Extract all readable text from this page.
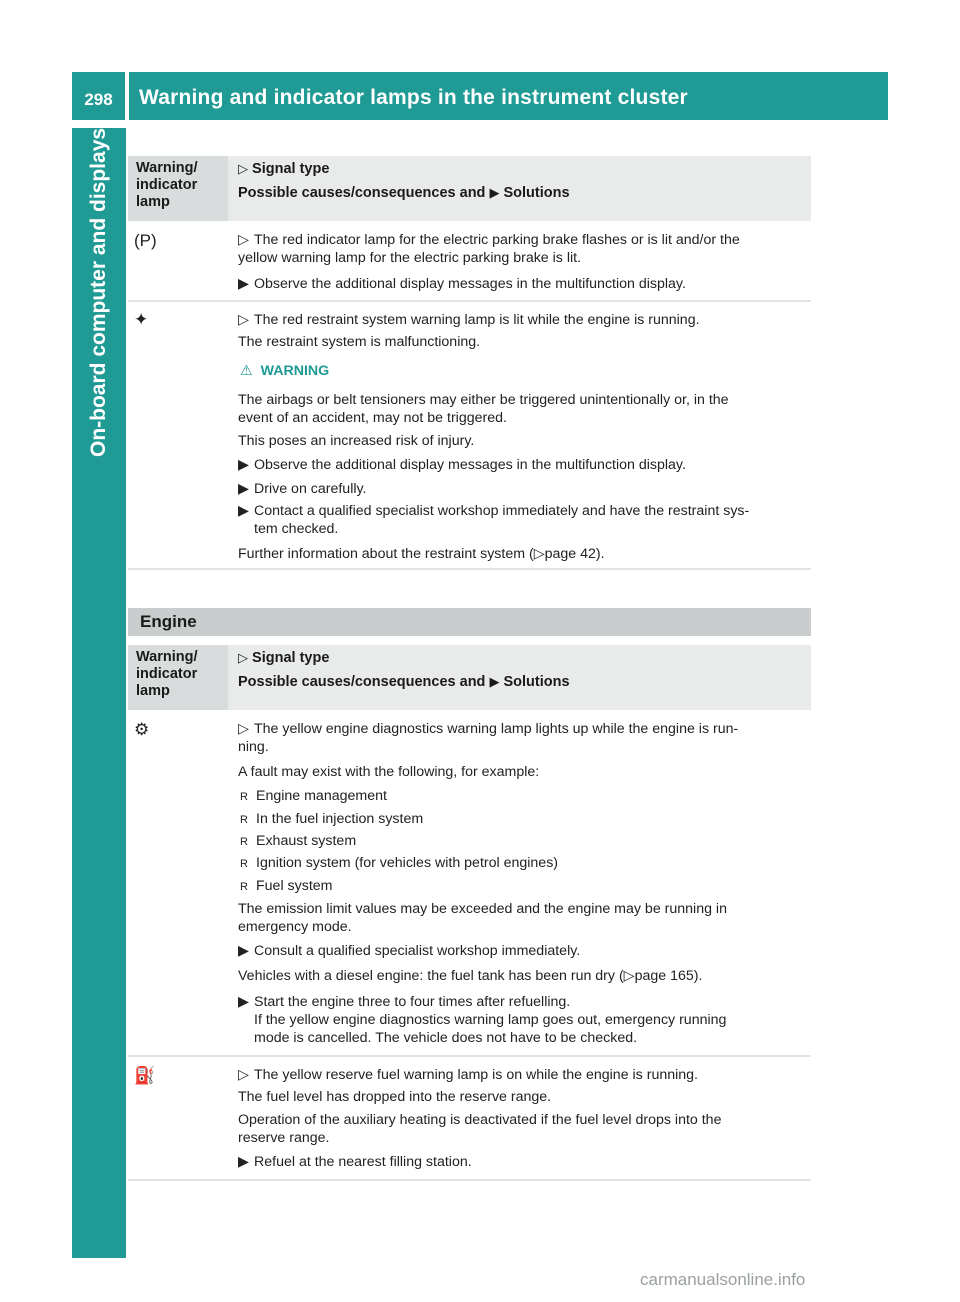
298	Warning and indicator lamps in the instrument cluster
On-board computer and displays	Warning/
indicator
lamp
▷ Signal type
Possible causes/consequences and ▶ Solutions
(P)	▷ The red indicator lamp for the electric parking brake flashes or is lit and/or the
yellow warning lamp for the electric parking brake is lit.
▶ Observe the additional display messages in the multifunction display.
✦	▷ The red restraint system warning lamp is lit while the engine is running.
The restraint system is malfunctioning.
⚠ WARNING
The airbags or belt tensioners may either be triggered unintentionally or, in the
event of an accident, may not be triggered.
This poses an increased risk of injury.
▶ Observe the additional display messages in the multifunction display.
▶ Drive on carefully.
▶ Contact a qualified specialist workshop immediately and have the restraint sys-
tem checked.
Further information about the restraint system (▷page 42).
Engine
Warning/
indicator
lamp
▷ Signal type
Possible causes/consequences and ▶ Solutions
⚙	▷ The yellow engine diagnostics warning lamp lights up while the engine is run-
ning.
A fault may exist with the following, for example:
R Engine management
R In the fuel injection system
R Exhaust system
R Ignition system (for vehicles with petrol engines)
R Fuel system
The emission limit values may be exceeded and the engine may be running in
emergency mode.
▶ Consult a qualified specialist workshop immediately.
Vehicles with a diesel engine: the fuel tank has been run dry (▷page 165).
▶ Start the engine three to four times after refuelling.
If the yellow engine diagnostics warning lamp goes out, emergency running
mode is cancelled. The vehicle does not have to be checked.
⛽	▷ The yellow reserve fuel warning lamp is on while the engine is running.
The fuel level has dropped into the reserve range.
Operation of the auxiliary heating is deactivated if the fuel level drops into the
reserve range.
▶ Refuel at the nearest filling station.
carmanualsonline.info
